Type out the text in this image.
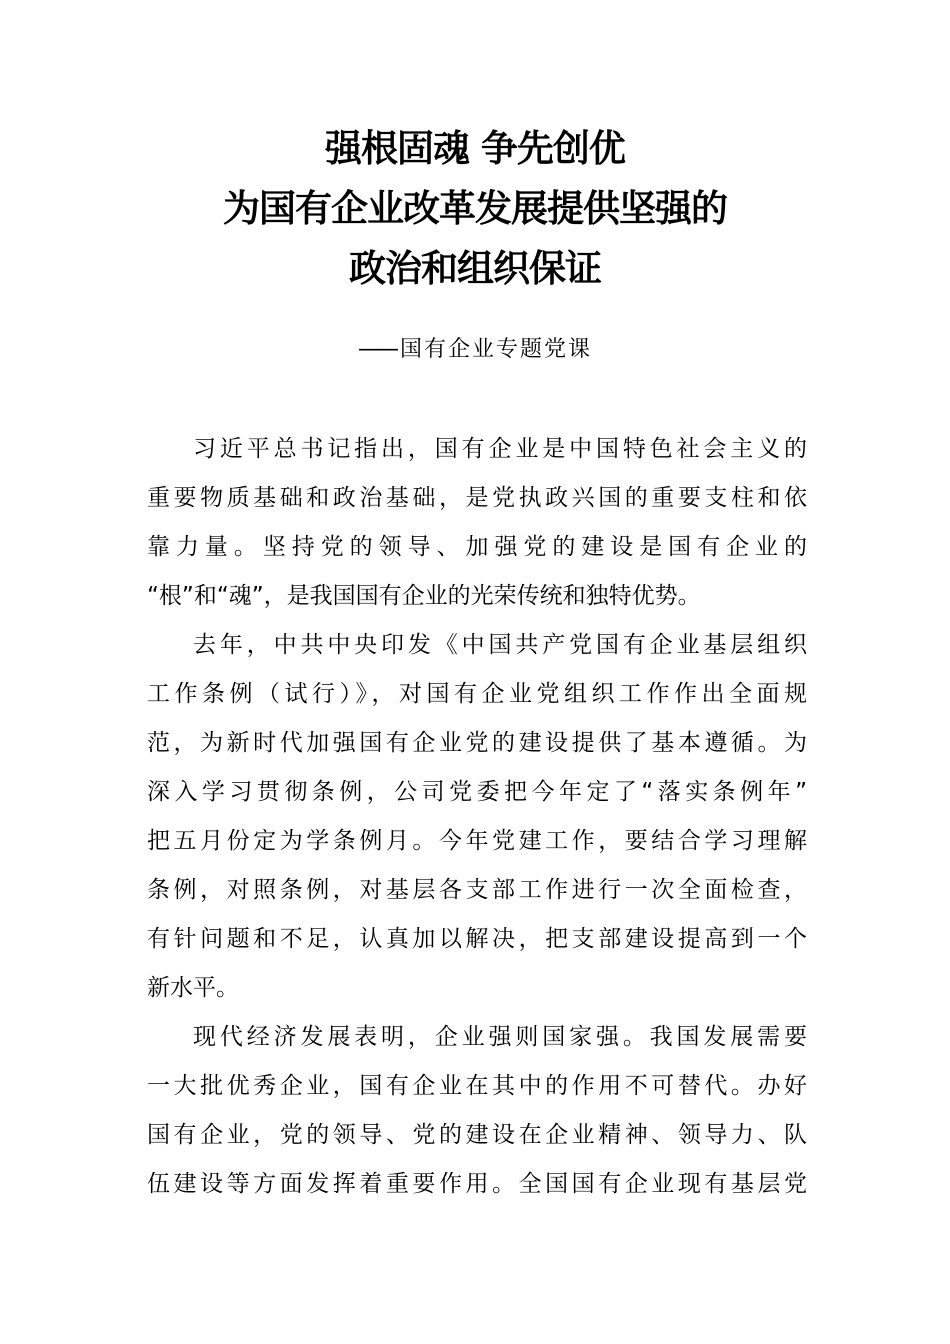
强根固魂 争先创优
为国有企业改革发展提供坚强的
政治和组织保证
—— 国有企业专题党课

习近平总书记指出，国有企业是中国特色社会主义的
重要物质基础和政治基础，是党执政兴国的重要支柱和依
靠力量。坚持党的领导、加强党的建设是国有企业的
“根”和“魂”，是我国国有企业的光荣传统和独特优势。

去年，中共中央印发《中国共产党国有企业基层组织
工作条例（试行）》，对国有企业党组织工作作出全面规
范，为新时代加强国有企业党的建设提供了基本遵循。为
深入学习贯彻条例，公司党委把今年定了“落实条例年”
把五月份定为学条例月。今年党建工作，要结合学习理解
条例，对照条例，对基层各支部工作进行一次全面检查，
有针问题和不足，认真加以解决，把支部建设提高到一个
新水平。

现代经济发展表明，企业强则国家强。我国发展需要
一大批优秀企业，国有企业在其中的作用不可替代。办好
国有企业，党的领导、党的建设在企业精神、领导力、队
伍建设等方面发挥着重要作用。全国国有企业现有基层党
